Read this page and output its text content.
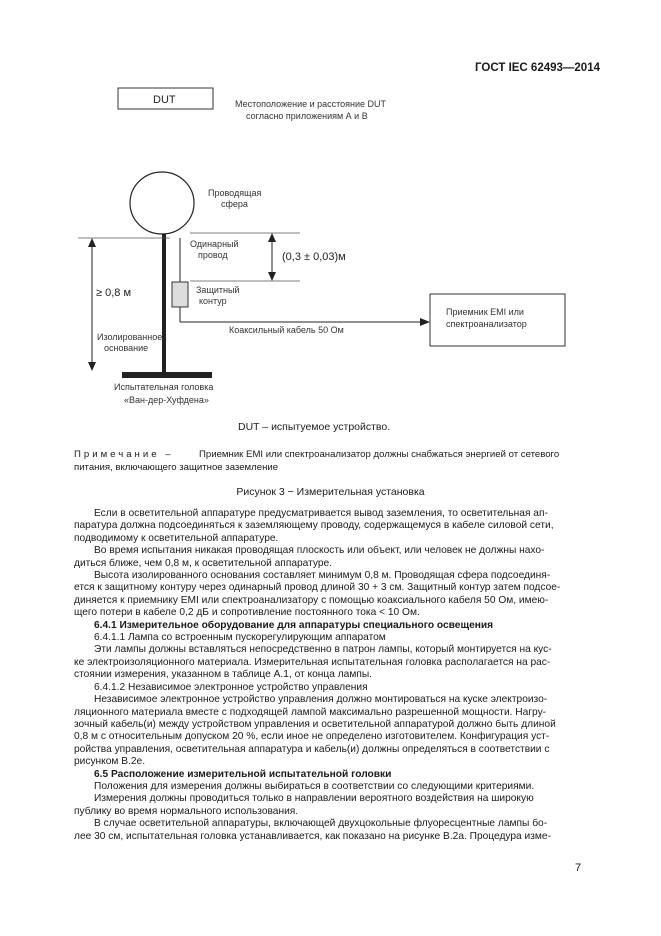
ГОСТ IEC 62493—2014
DUT	Местоположение и расстояние DUT
согласно приложениям А и В
Проводящая
сфера
Одинарный
провод	(0,3 ± 0,03)м
Защитный
контур
≥ 0,8 м
Изолированное
основание
Коаксильный кабель 50 Ом
Приемник EMI или
спектроанализатор
Испытательная головка
«Ван-дер-Хуфдена»
DUT – испытуемое устройство.
Примечание –	Приемник EMI или спектроанализатор должны снабжаться энергией от сетевого
питания, включающего защитное заземление
Рисунок 3 − Измерительная установка
Если в осветительной аппаратуре предусматривается вывод заземления, то осветительная ап-
паратура должна подсоединяться к заземляющему проводу, содержащемуся в кабеле силовой сети,
подводимому к осветительной аппаратуре.
Во время испытания никакая проводящая плоскость или объект, или человек не должны нахо-
диться ближе, чем 0,8 м, к осветительной аппаратуре.
Высота изолированного основания составляет минимум 0,8 м. Проводящая сфера подсоединя-
ется к защитному контуру через одинарный провод длиной 30 + 3 см. Защитный контур затем подсое-
диняется к приемнику EMI или спектроанализатору с помощью коаксиального кабеля 50 Ом, имею-
щего потери в кабеле 0,2 дБ и сопротивление постоянного тока < 10 Ом.
6.4.1 Измерительное оборудование для аппаратуры специального освещения
6.4.1.1 Лампа со встроенным пускорегулирующим аппаратом
Эти лампы должны вставляться непосредственно в патрон лампы, который монтируется на кус-
ке электроизоляционного материала. Измерительная испытательная головка располагается на рас-
стоянии измерения, указанном в таблице А.1, от конца лампы.
6.4.1.2 Независимое электронное устройство управления
Независимое электронное устройство управления должно монтироваться на куске электроизо-
ляционного материала вместе с подходящей лампой максимально разрешенной мощности. Нагру-
зочный кабель(и) между устройством управления и осветительной аппаратурой должно быть длиной
0,8 м с относительным допуском 20 %, если иное не определено изготовителем. Конфигурация уст-
ройства управления, осветительная аппаратура и кабель(и) должны определяться в соответствии с
рисунком В.2е.
6.5 Расположение измерительной испытательной головки
Положения для измерения должны выбираться в соответствии со следующими критериями.
Измерения должны проводиться только в направлении вероятного воздействия на широкую
публику во время нормального использования.
В случае осветительной аппаратуры, включающей двухцокольные флуоресцентные лампы бо-
лее 30 см, испытательная головка устанавливается, как показано на рисунке В.2а. Процедура изме-
7
